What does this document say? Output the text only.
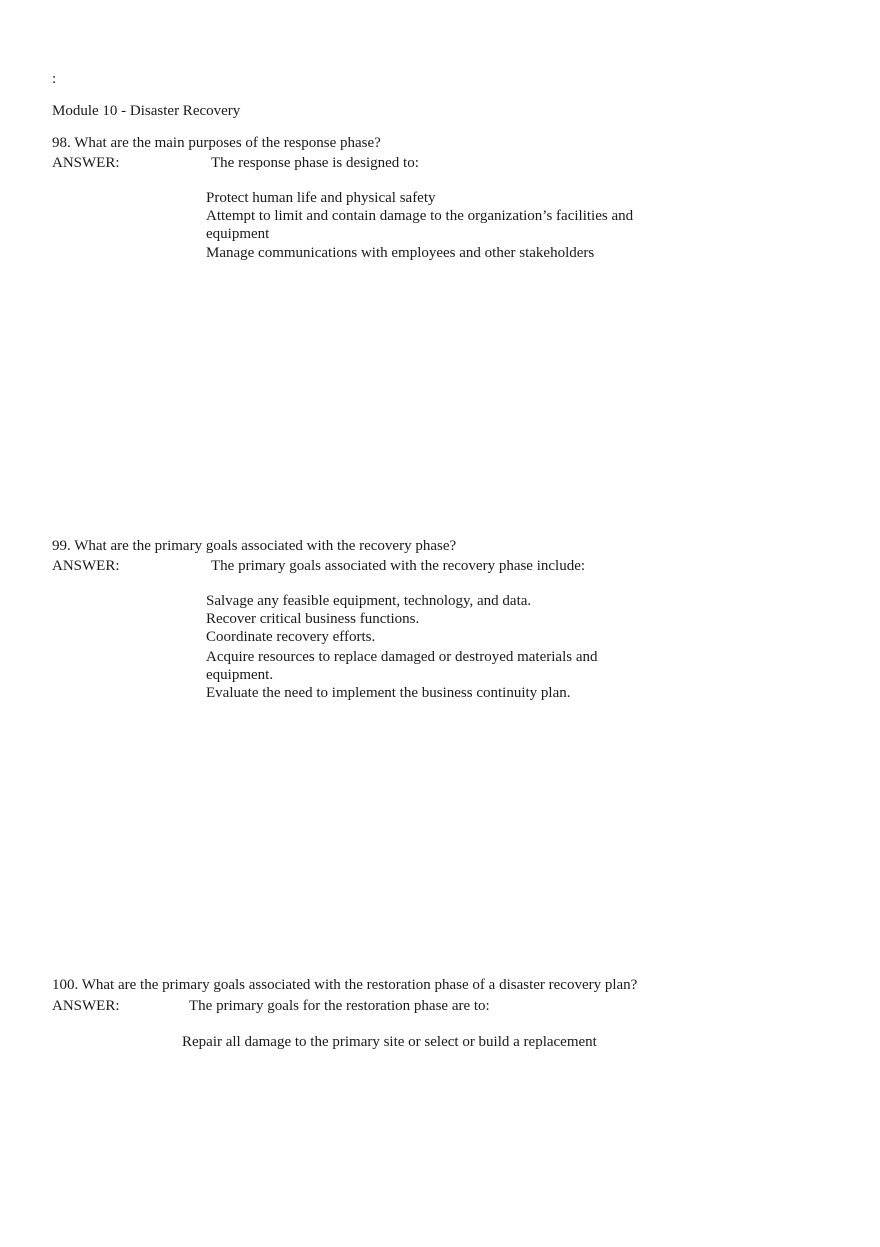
:

Module 10 - Disaster Recovery

98. What are the main purposes of the response phase?

ANSWER:	The response phase is designed to:

Protect human life and physical safety

Attempt to limit and contain damage to the organization’s facilities and equipment

Manage communications with employees and other stakeholders

99. What are the primary goals associated with the recovery phase?

ANSWER:	The primary goals associated with the recovery phase include:

Salvage any feasible equipment, technology, and data.

Recover critical business functions.

Coordinate recovery efforts.

Acquire resources to replace damaged or destroyed materials and equipment.

Evaluate the need to implement the business continuity plan.

100. What are the primary goals associated with the restoration phase of a disaster recovery plan?

ANSWER:	The primary goals for the restoration phase are to:

Repair all damage to the primary site or select or build a replacement
